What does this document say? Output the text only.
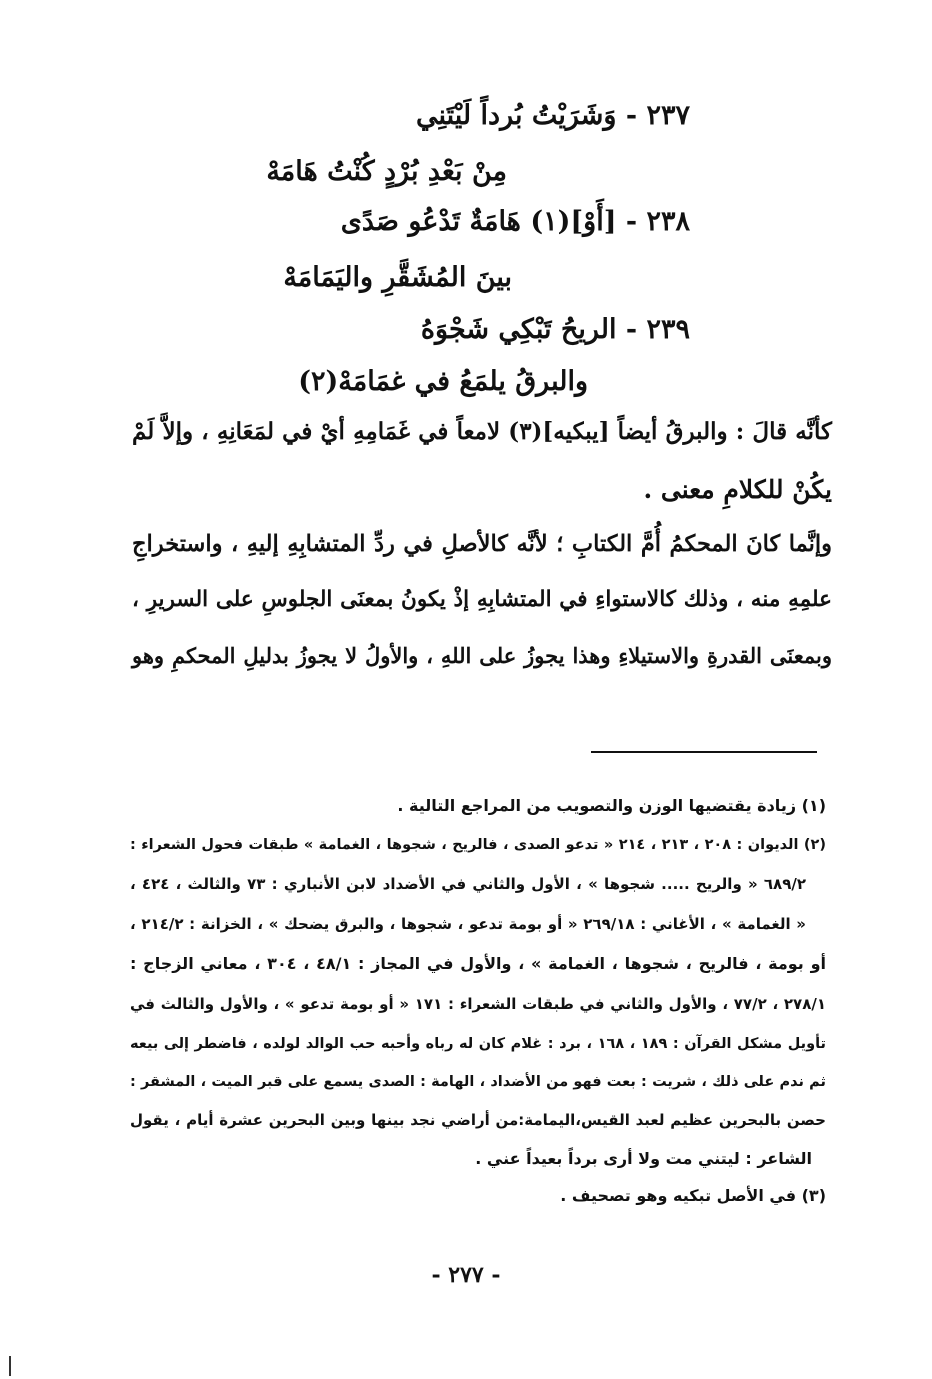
٢٣٧ - وَشَرَيْتُ بُرداً لَيْتَنِي
مِنْ بَعْدِ بُرْدٍ كُنْتُ هَامَهْ
٢٣٨ - [أَوْ](١) هَامَةٌ تَدْعُو صَدًى
بينَ المُشَقَّرِ واليَمَامَهْ
٢٣٩ - الريحُ تَبْكِي شَجْوَهُ
والبرقُ يلمَعُ في غمَامَهْ(٢)
كأنَّه قالَ : والبرقُ أيضاً [يبكيه](٣) لامعاً في غَمَامِهِ أيْ في لمَعَانِهِ ، وإلاَّ لَمْ
يكُنْ للكلامِ معنى .
وإنَّما كانَ المحكمُ أُمَّ الكتابِ ؛ لأنَّه كالأصلِ في ردِّ المتشابِهِ إليهِ ، واستخراجِ
علمِهِ منه ، وذلك كالاستواءِ في المتشابِهِ إذْ يكونُ بمعنَى الجلوسِ على السريرِ ،
وبمعنَى القدرةِ والاستيلاءِ وهذا يجوزُ على اللهِ ، والأولُ لا يجوزُ بدليلِ المحكمِ وهو
(١) زيادة يقتضيها الوزن والتصويب من المراجع التالية .
(٢) الديوان : ٢٠٨ ، ٢١٣ ، ٢١٤ « تدعو الصدى ، فالريح ، شجوها ، الغمامة » طبقات فحول الشعراء :
٦٨٩/٢ « والريح ..... شجوها » ، الأول والثاني في الأضداد لابن الأنباري : ٧٣ والثالث ، ٤٢٤ ،
« الغمامة » ، الأغاني : ٢٦٩/١٨ « أو بومة تدعو ، شجوها ، والبرق يضحك » ، الخزانة : ٢١٤/٢ ،
أو بومة ، فالريح ، شجوها ، الغمامة » ، والأول في المجاز : ٤٨/١ ، ٣٠٤ ، معاني الزجاج :
٢٧٨/١ ، ٧٧/٢ ، والأول والثاني في طبقات الشعراء : ١٧١ « أو بومة تدعو » ، والأول والثالث في
تأويل مشكل القرآن : ١٨٩ ، ١٦٨ ، برد : غلام كان له رباه وأحبه حب الوالد لولده ، فاضطر إلى بيعه
ثم ندم على ذلك ، شريت : بعت فهو من الأضداد ، الهامة : الصدى يسمع على قبر الميت ، المشقر :
حصن بالبحرين عظيم لعبد القيس،اليمامة:من أراضي نجد بينها وبين البحرين عشرة أيام ، يقول
الشاعر : ليتني مت ولا أرى برداً بعيداً عني .
(٣) في الأصل تبكيه وهو تصحيف .
- ٢٧٧ -
